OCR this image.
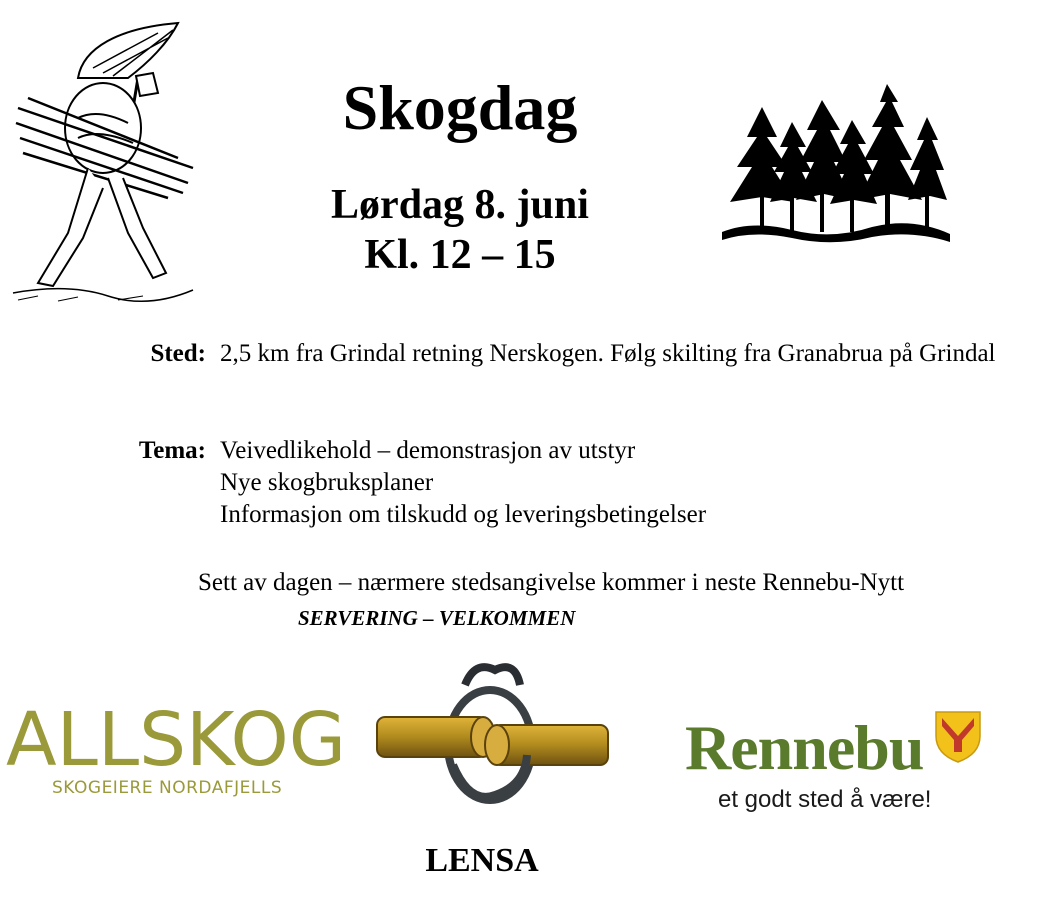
Skogdag
Lørdag 8. juni
Kl. 12 – 15
Sted: 2,5 km fra Grindal retning Nerskogen. Følg skilting fra Granabrua på Grindal
Tema: Veivedlikehold – demonstrasjon av utstyr
Nye skogbruksplaner
Informasjon om tilskudd og leveringsbetingelser
Sett av dagen – nærmere stedsangivelse kommer i neste Rennebu-Nytt
SERVERING – VELKOMMEN
ALLSKOG
SKOGEIERE NORDAFJELLS
LENSA
Rennebu
et godt sted å være!
